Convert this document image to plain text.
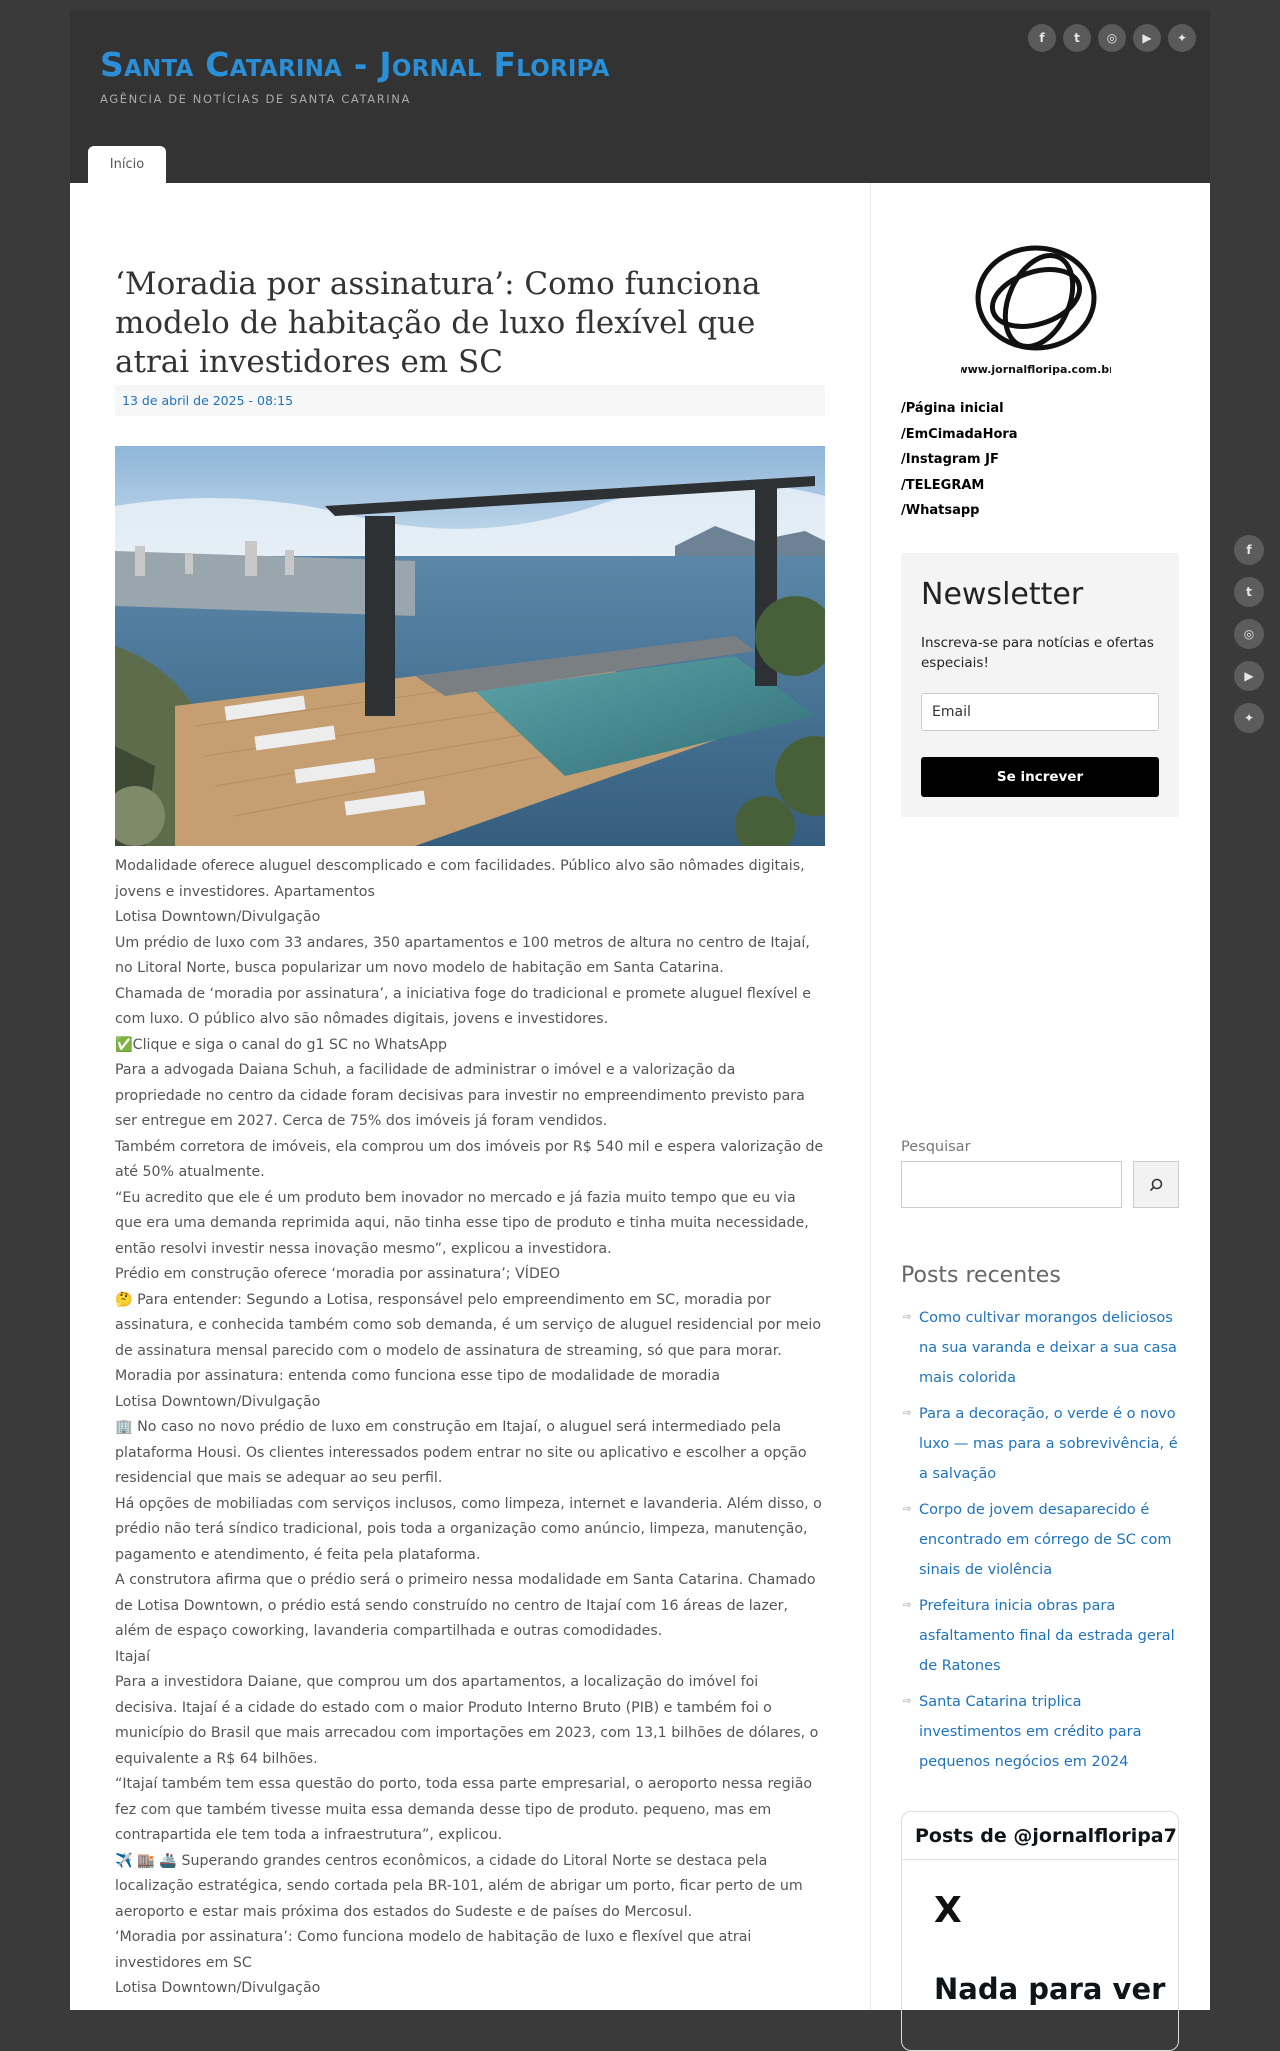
Santa Catarina - Jornal Floripa
AGÊNCIA DE NOTÍCIAS DE SANTA CATARINA
f	t	◎	▶	✦
Início
‘Moradia por assinatura’: Como funciona modelo de habitação de luxo flexível que atrai investidores em SC
13 de abril de 2025 - 08:15

Modalidade oferece aluguel descomplicado e com facilidades. Público alvo são nômades digitais, jovens e investidores. Apartamentos

Lotisa Downtown/Divulgação

Um prédio de luxo com 33 andares, 350 apartamentos e 100 metros de altura no centro de Itajaí, no Litoral Norte, busca popularizar um novo modelo de habitação em Santa Catarina.

Chamada de ‘moradia por assinatura’, a iniciativa foge do tradicional e promete aluguel flexível e com luxo. O público alvo são nômades digitais, jovens e investidores.

✅Clique e siga o canal do g1 SC no WhatsApp

Para a advogada Daiana Schuh, a facilidade de administrar o imóvel e a valorização da propriedade no centro da cidade foram decisivas para investir no empreendimento previsto para ser entregue em 2027. Cerca de 75% dos imóveis já foram vendidos.

Também corretora de imóveis, ela comprou um dos imóveis por R$ 540 mil e espera valorização de até 50% atualmente.

“Eu acredito que ele é um produto bem inovador no mercado e já fazia muito tempo que eu via que era uma demanda reprimida aqui, não tinha esse tipo de produto e tinha muita necessidade, então resolvi investir nessa inovação mesmo”, explicou a investidora.

Prédio em construção oferece ‘moradia por assinatura’; VÍDEO

🤔 Para entender: Segundo a Lotisa, responsável pelo empreendimento em SC, moradia por assinatura, e conhecida também como sob demanda, é um serviço de aluguel residencial por meio de assinatura mensal parecido com o modelo de assinatura de streaming, só que para morar.

Moradia por assinatura: entenda como funciona esse tipo de modalidade de moradia

Lotisa Downtown/Divulgação

🏢 No caso no novo prédio de luxo em construção em Itajaí, o aluguel será intermediado pela plataforma Housi. Os clientes interessados podem entrar no site ou aplicativo e escolher a opção residencial que mais se adequar ao seu perfil.

Há opções de mobiliadas com serviços inclusos, como limpeza, internet e lavanderia. Além disso, o prédio não terá síndico tradicional, pois toda a organização como anúncio, limpeza, manutenção, pagamento e atendimento, é feita pela plataforma.

A construtora afirma que o prédio será o primeiro nessa modalidade em Santa Catarina. Chamado de Lotisa Downtown, o prédio está sendo construído no centro de Itajaí com 16 áreas de lazer, além de espaço coworking, lavanderia compartilhada e outras comodidades.

Itajaí

Para a investidora Daiane, que comprou um dos apartamentos, a localização do imóvel foi decisiva. Itajaí é a cidade do estado com o maior Produto Interno Bruto (PIB) e também foi o município do Brasil que mais arrecadou com importações em 2023, com 13,1 bilhões de dólares, o equivalente a R$ 64 bilhões.

“Itajaí também tem essa questão do porto, toda essa parte empresarial, o aeroporto nessa região fez com que também tivesse muita essa demanda desse tipo de produto. pequeno, mas em contrapartida ele tem toda a infraestrutura”, explicou.

✈️ 🏬 🚢 Superando grandes centros econômicos, a cidade do Litoral Norte se destaca pela localização estratégica, sendo cortada pela BR-101, além de abrigar um porto, ficar perto de um aeroporto e estar mais próxima dos estados do Sudeste e de países do Mercosul.

‘Moradia por assinatura’: Como funciona modelo de habitação de luxo e flexível que atrai investidores em SC

Lotisa Downtown/Divulgação

www.jornalfloripa.com.br
/Página inicial
/EmCimadaHora
/Instagram JF
/TELEGRAM
/Whatsapp
Newsletter
Inscreva-se para notícias e ofertas especiais!
Email
Se increver
Pesquisar
Posts recentes
⇨ Como cultivar morangos deliciosos na sua varanda e deixar a sua casa mais colorida
⇨ Para a decoração, o verde é o novo luxo — mas para a sobrevivência, é a salvação
⇨ Corpo de jovem desaparecido é encontrado em córrego de SC com sinais de violência
⇨ Prefeitura inicia obras para asfaltamento final da estrada geral de Ratones
⇨ Santa Catarina triplica investimentos em crédito para pequenos negócios em 2024
Posts de @jornalfloripa7
X
Nada para ver
f
t
◎
▶
✦
